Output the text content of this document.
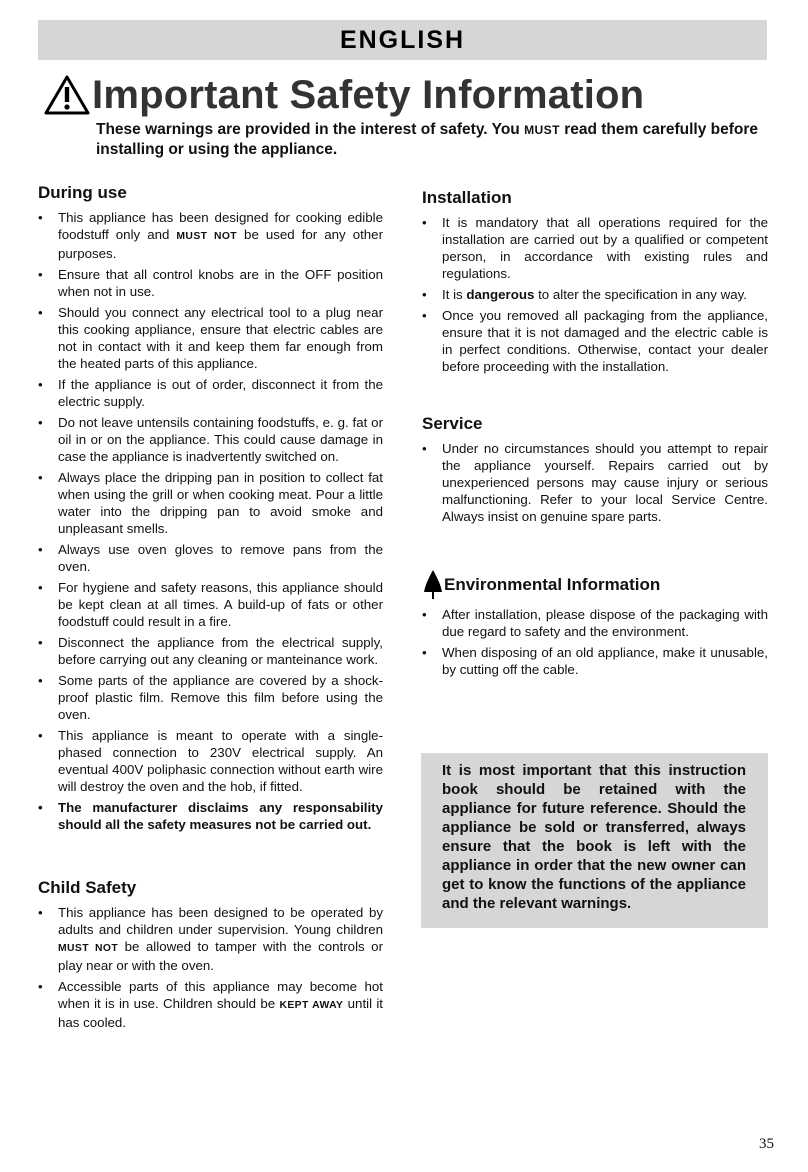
ENGLISH
Important Safety Information

These warnings are provided in the interest of safety. You MUST read them carefully before installing or using the appliance.

During use
•	This appliance has been designed for cooking edible foodstuff only and MUST NOT be used for any other purposes.
•	Ensure that all control knobs are in the OFF position when not in use.
•	Should you connect any electrical tool to a plug near this cooking appliance, ensure that electric cables are not in contact with it and keep them far enough from the heated parts of this appliance.
•	If the appliance is out of order, disconnect it from the electric supply.
•	Do not leave untensils containing foodstuffs, e. g. fat or oil in or on the appliance. This could cause damage in case the appliance is inadvertently switched on.
•	Always place the dripping pan in position to collect fat when using the grill or when cooking meat. Pour a little water into the dripping pan to avoid smoke and unpleasant smells.
•	Always use oven gloves to remove pans from the oven.
•	For hygiene and safety reasons, this appliance should be kept clean at all times. A build-up of fats or other foodstuff could result in a fire.
•	Disconnect the appliance from the electrical supply, before carrying out any cleaning or manteinance work.
•	Some parts of the appliance are covered by a shock-proof plastic film. Remove this film before using the oven.
•	This appliance is meant to operate with a single-phased connection to 230V electrical supply. An eventual 400V poliphasic connection without earth wire will destroy the oven and the hob, if fitted.
•	The manufacturer disclaims any responsability should all the safety measures not be carried out.
Child Safety
•	This appliance has been designed to be operated by adults and children under supervision. Young children MUST NOT be allowed to tamper with the controls or play near or with the oven.
•	Accessible parts of this appliance may become hot when it is in use. Children should be KEPT AWAY until it has cooled.
Installation
•	It is mandatory that all operations required for the installation are carried out by a qualified or competent person, in accordance with existing rules and regulations.
•	It is dangerous to alter the specification in any way.
•	Once you removed all packaging from the appliance, ensure that it is not damaged and the electric cable is in perfect conditions. Otherwise, contact your dealer before proceeding with the installation.
Service
•	Under no circumstances should you attempt to repair the appliance yourself. Repairs carried out by unexperienced persons may cause injury or serious malfunctioning. Refer to your local Service Centre. Always insist on genuine spare parts.
Environmental Information
•	After installation, please dispose of the packaging with due regard to safety and the environment.
•	When disposing of an old appliance, make it unusable, by cutting off the cable.

It is most important that this instruction book should be retained with the appliance for future reference. Should the appliance be sold or transferred, always ensure that the book is left with the appliance in order that the new owner can get to know the functions of the appliance and the relevant warnings.

35
